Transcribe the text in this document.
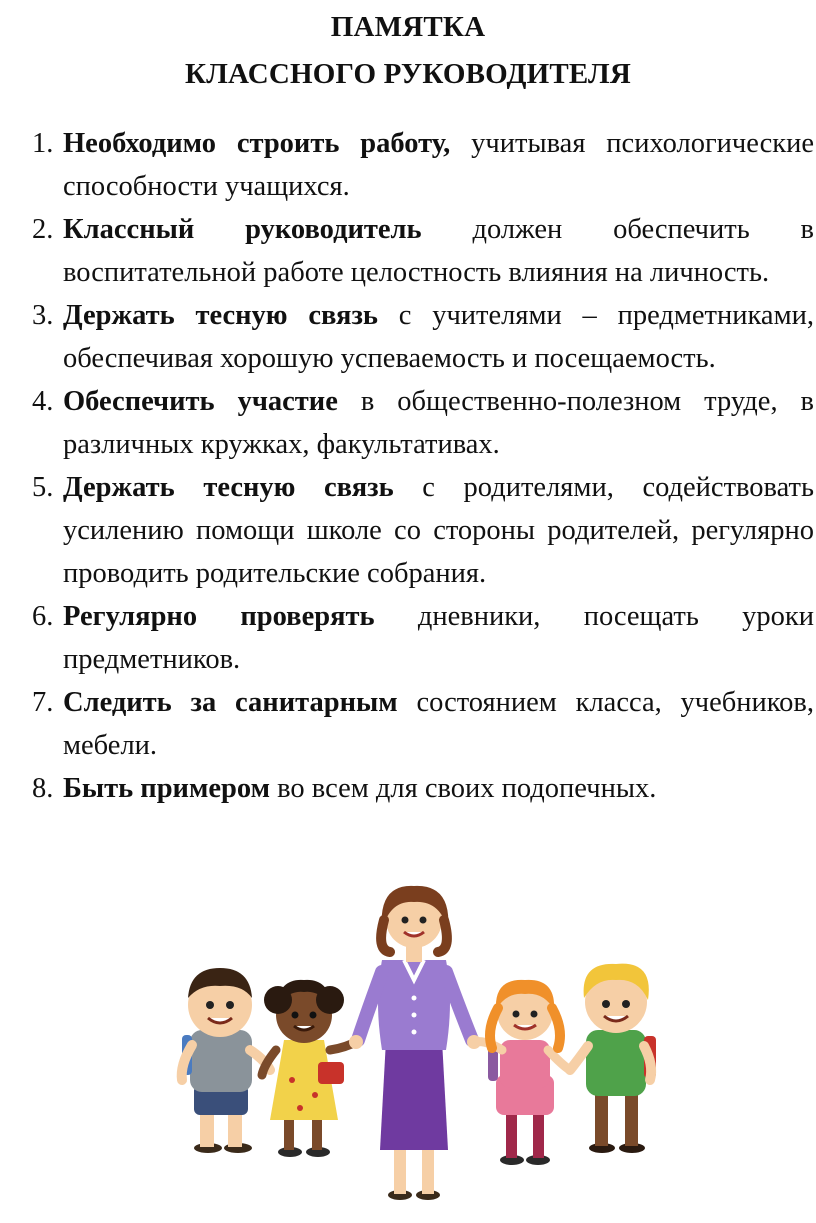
ПАМЯТКА
КЛАССНОГО РУКОВОДИТЕЛЯ
1. Необходимо строить работу, учитывая психологические способности учащихся.
2. Классный руководитель должен обеспечить в воспитательной работе целостность влияния на личность.
3. Держать тесную связь с учителями – предметниками, обеспечивая хорошую успеваемость и посещаемость.
4. Обеспечить участие в общественно-полезном труде, в различных кружках, факультативах.
5. Держать тесную связь с родителями, содействовать усилению помощи школе со стороны родителей, регулярно проводить родительские собрания.
6. Регулярно проверять дневники, посещать уроки предметников.
7. Следить за санитарным состоянием класса, учебников, мебели.
8. Быть примером во всем для своих подопечных.
